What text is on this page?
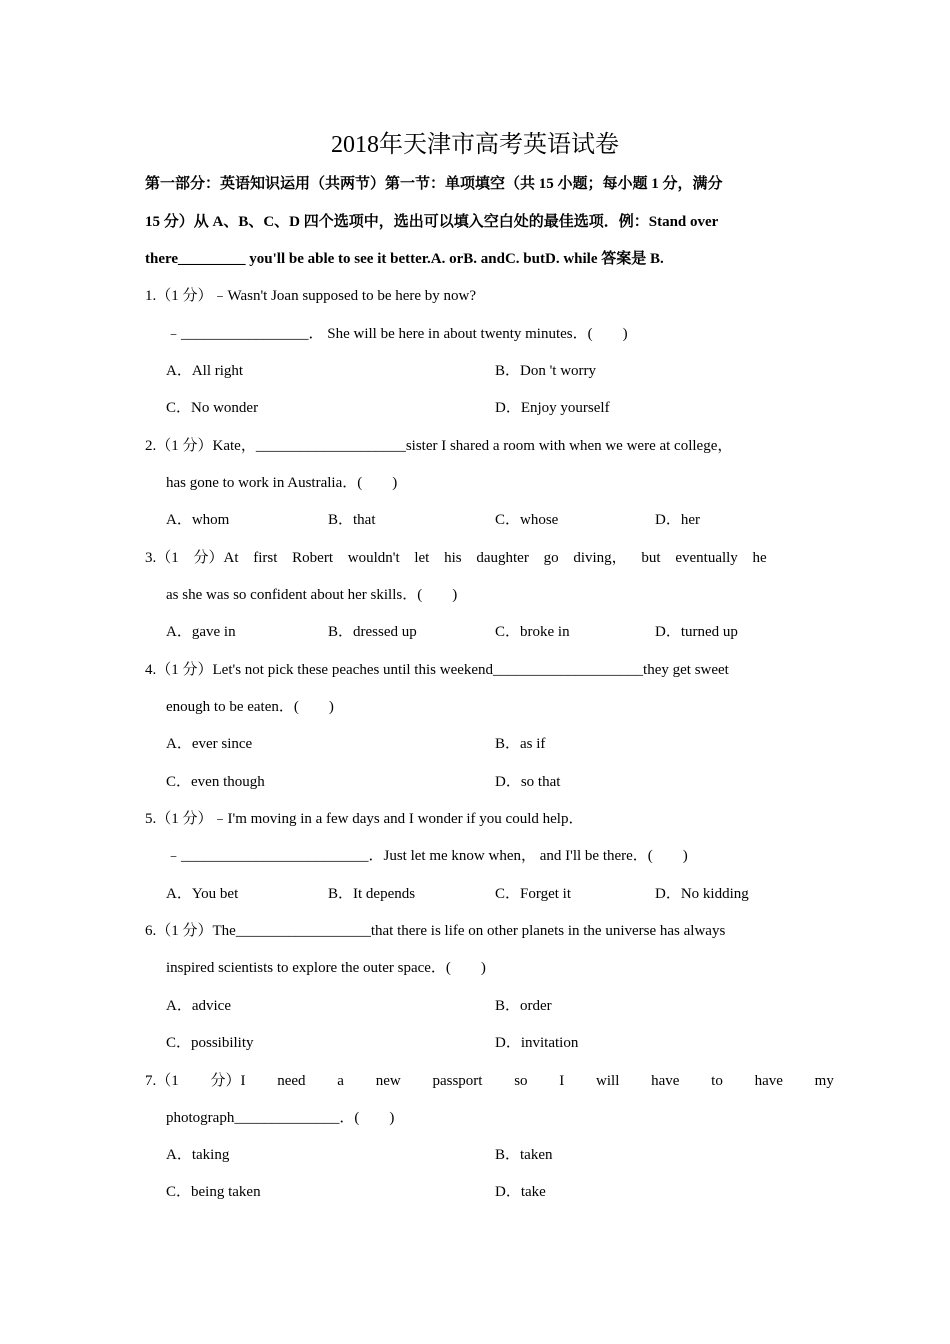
2018年天津市高考英语试卷
第一部分：英语知识运用（共两节）第一节：单项填空（共 15 小题；每小题 1 分，满分
15 分）从 A、B、C、D 四个选项中，选出可以填入空白处的最佳选项．例：Stand over
there_________ you'll be able to see it better.A. orB. andC. butD. while 答案是 B.
1.（1 分）﹣Wasn't Joan supposed to be here by now?
﹣_________________． She will be here in about twenty minutes．(　　)
A．All right	B．Don 't worry
C．No wonder	D．Enjoy yourself
2.（1 分）Kate，____________________sister I shared a room with when we were at college，
has gone to work in Australia．(　　)
A．whom	B．that	C．whose	D．her
3.（1 分）At first Robert wouldn't let his daughter go diving， but eventually he
as she was so confident about her skills．(　　)
A．gave in	B．dressed up	C．broke in	D．turned up
4.（1 分）Let's not pick these peaches until this weekend____________________they get sweet
enough to be eaten．(　　)
A．ever since	B．as if
C．even though	D．so that
5.（1 分）﹣I'm moving in a few days and I wonder if you could help．
﹣_________________________．Just let me know when， and I'll be there．(　　)
A．You bet	B．It depends	C．Forget it	D．No kidding
6.（1 分）The__________________that there is life on other planets in the universe has always
inspired scientists to explore the outer space．(　　)
A．advice	B．order
C．possibility	D．invitation
7.（1 分）I need a new passport so I will have to have my
photograph______________．(　　)
A．taking	B．taken
C．being taken	D．take
